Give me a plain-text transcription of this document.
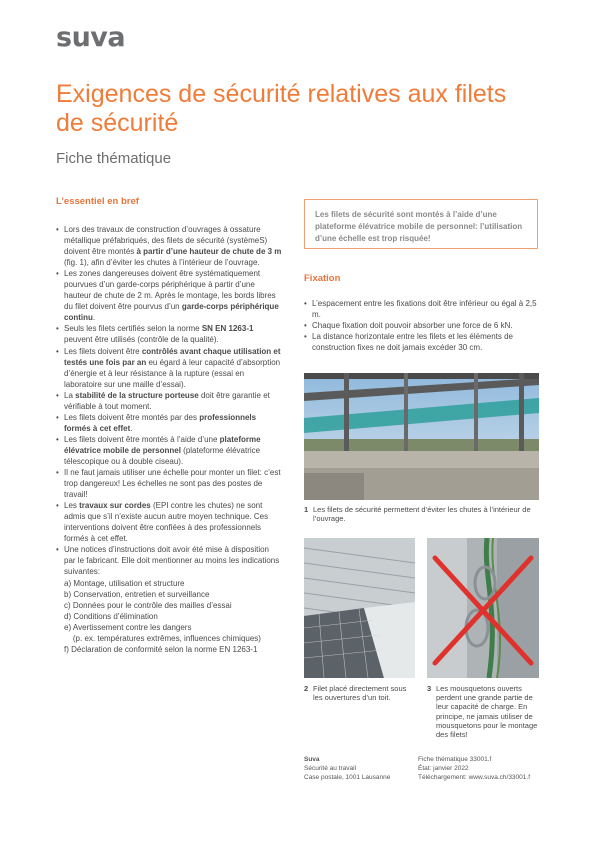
suva
Exigences de sécurité relatives aux filets de sécurité
Fiche thématique
L’essentiel en bref
• Lors des travaux de construction d’ouvrages à ossature métallique préfabriqués, des filets de sécurité (systèmeS) doivent être montés à partir d’une hauteur de chute de 3 m (fig. 1), afin d’éviter les chutes à l’intérieur de l’ouvrage.
• Les zones dangereuses doivent être systématiquement pourvues d’un garde-corps périphérique à partir d’une hauteur de chute de 2 m. Après le montage, les bords libres du filet doivent être pourvus d’un garde-corps périphérique continu.
• Seuls les filets certifiés selon la norme SN EN 1263-1 peuvent être utilisés (contrôle de la qualité).
• Les filets doivent être contrôlés avant chaque utilisation et testés une fois par an eu égard à leur capacité d’absorption d’énergie et à leur résistance à la rupture (essai en laboratoire sur une maille d’essai).
• La stabilité de la structure porteuse doit être garantie et vérifiable à tout moment.
• Les filets doivent être montés par des professionnels formés à cet effet.
• Les filets doivent être montés à l’aide d’une plateforme élévatrice mobile de personnel (plateforme élévatrice télescopique ou à double ciseau).
• Il ne faut jamais utiliser une échelle pour monter un filet: c’est trop dangereux! Les échelles ne sont pas des postes de travail!
• Les travaux sur cordes (EPI contre les chutes) ne sont admis que s’il n’existe aucun autre moyen technique. Ces interventions doivent être confiées à des professionnels formés à cet effet.
• Une notices d’instructions doit avoir été mise à disposition par le fabricant. Elle doit mentionner au moins les indications suivantes:
a) Montage, utilisation et structure
b) Conservation, entretien et surveillance
c) Données pour le contrôle des mailles d’essai
d) Conditions d’élimination
e) Avertissement contre les dangers
(p. ex. températures extrêmes, influences chimiques)
f) Déclaration de conformité selon la norme EN 1263-1
Les filets de sécurité sont montés à l’aide d’une plateforme élévatrice mobile de personnel: l’utilisation d’une échelle est trop risquée!
Fixation
• L’espacement entre les fixations doit être inférieur ou égal à 2,5 m.
• Chaque fixation doit pouvoir absorber une force de 6 kN.
• La distance horizontale entre les filets et les éléments de construction fixes ne doit jamais excéder 30 cm.
1 Les filets de sécurité permettent d’éviter les chutes à l’intérieur de l’ouvrage.
2 Filet placé directement sous les ouvertures d’un toit.
3 Les mousquetons ouverts perdent une grande partie de leur capacité de charge. En principe, ne jamais utiliser de mousquetons pour le montage des filets!
Suva
Sécurité au travail
Case postale, 1001 Lausanne
Fiche thématique 33001.f
État: janvier 2022
Téléchargement: www.suva.ch/33001.f
